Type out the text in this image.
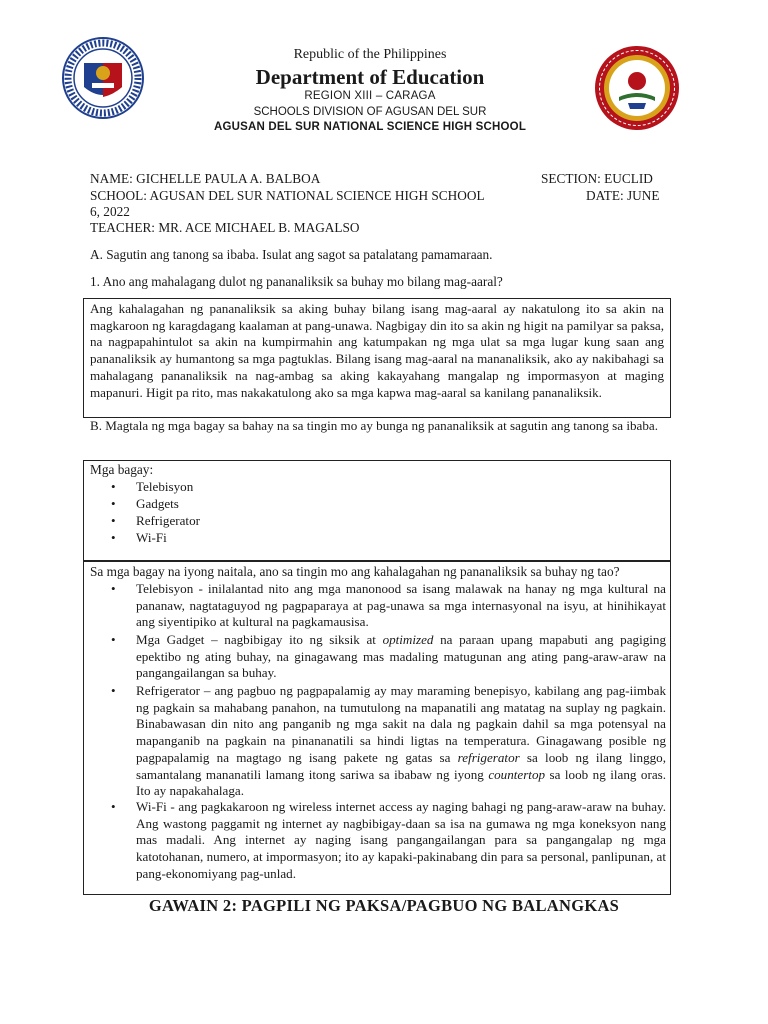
Republic of the Philippines
Department of Education
REGION XIII – CARAGA
SCHOOLS DIVISION OF AGUSAN DEL SUR
AGUSAN DEL SUR NATIONAL SCIENCE HIGH SCHOOL
NAME: GICHELLE PAULA A. BALBOA	SECTION: EUCLID
SCHOOL: AGUSAN DEL SUR NATIONAL SCIENCE HIGH SCHOOL	DATE: JUNE
6, 2022
TEACHER: MR. ACE MICHAEL B. MAGALSO
A. Sagutin ang tanong sa ibaba. Isulat ang sagot sa patalatang pamamaraan.
1. Ano ang mahalagang dulot ng pananaliksik sa buhay mo bilang mag-aaral?
Ang kahalagahan ng pananaliksik sa aking buhay bilang isang mag-aaral ay nakatulong ito sa akin na magkaroon ng karagdagang kaalaman at pang-unawa. Nagbigay din ito sa akin ng higit na pamilyar sa paksa, na nagpapahintulot sa akin na kumpirmahin ang katumpakan ng mga ulat sa mga lugar kung saan ang pananaliksik ay humantong sa mga pagtuklas. Bilang isang mag-aaral na mananaliksik, ako ay nakibahagi sa mahalagang pananaliksik na nag-ambag sa aking kakayahang mangalap ng impormasyon at maging mapanuri. Higit pa rito, mas nakakatulong ako sa mga kapwa mag-aaral sa kanilang pananaliksik.
B. Magtala ng mga bagay sa bahay na sa tingin mo ay bunga ng pananaliksik at sagutin ang tanong sa ibaba.
Mga bagay:
• Telebisyon
• Gadgets
• Refrigerator
• Wi-Fi
Sa mga bagay na iyong naitala, ano sa tingin mo ang kahalagahan ng pananaliksik sa buhay ng tao?
• Telebisyon - inilalantad nito ang mga manonood sa isang malawak na hanay ng mga kultural na pananaw, nagtataguyod ng pagpaparaya at pag-unawa sa mga internasyonal na isyu, at hinihikayat ang siyentipiko at kultural na pagkamausisa.
• Mga Gadget – nagbibigay ito ng siksik at optimized na paraan upang mapabuti ang pagiging epektibo ng ating buhay, na ginagawang mas madaling matugunan ang ating pang-araw-araw na pangangailangan sa buhay.
• Refrigerator – ang pagbuo ng pagpapalamig ay may maraming benepisyo, kabilang ang pag-iimbak ng pagkain sa mahabang panahon, na tumutulong na mapanatili ang matatag na suplay ng pagkain. Binabawasan din nito ang panganib ng mga sakit na dala ng pagkain dahil sa mga potensyal na mapanganib na pagkain na pinananatili sa hindi ligtas na temperatura. Ginagawang posible ng pagpapalamig na magtago ng isang pakete ng gatas sa refrigerator sa loob ng ilang linggo, samantalang mananatili lamang itong sariwa sa ibabaw ng iyong countertop sa loob ng ilang oras. Ito ay napakahalaga.
• Wi-Fi - ang pagkakaroon ng wireless internet access ay naging bahagi ng pang-araw-araw na buhay. Ang wastong paggamit ng internet ay nagbibigay-daan sa isa na gumawa ng mga koneksyon nang mas madali. Ang internet ay naging isang pangangailangan para sa pangangalap ng mga katotohanan, numero, at impormasyon; ito ay kapaki-pakinabang din para sa personal, panlipunan, at pang-ekonomiyang pag-unlad.
GAWAIN 2: PAGPILI NG PAKSA/PAGBUO NG BALANGKAS
